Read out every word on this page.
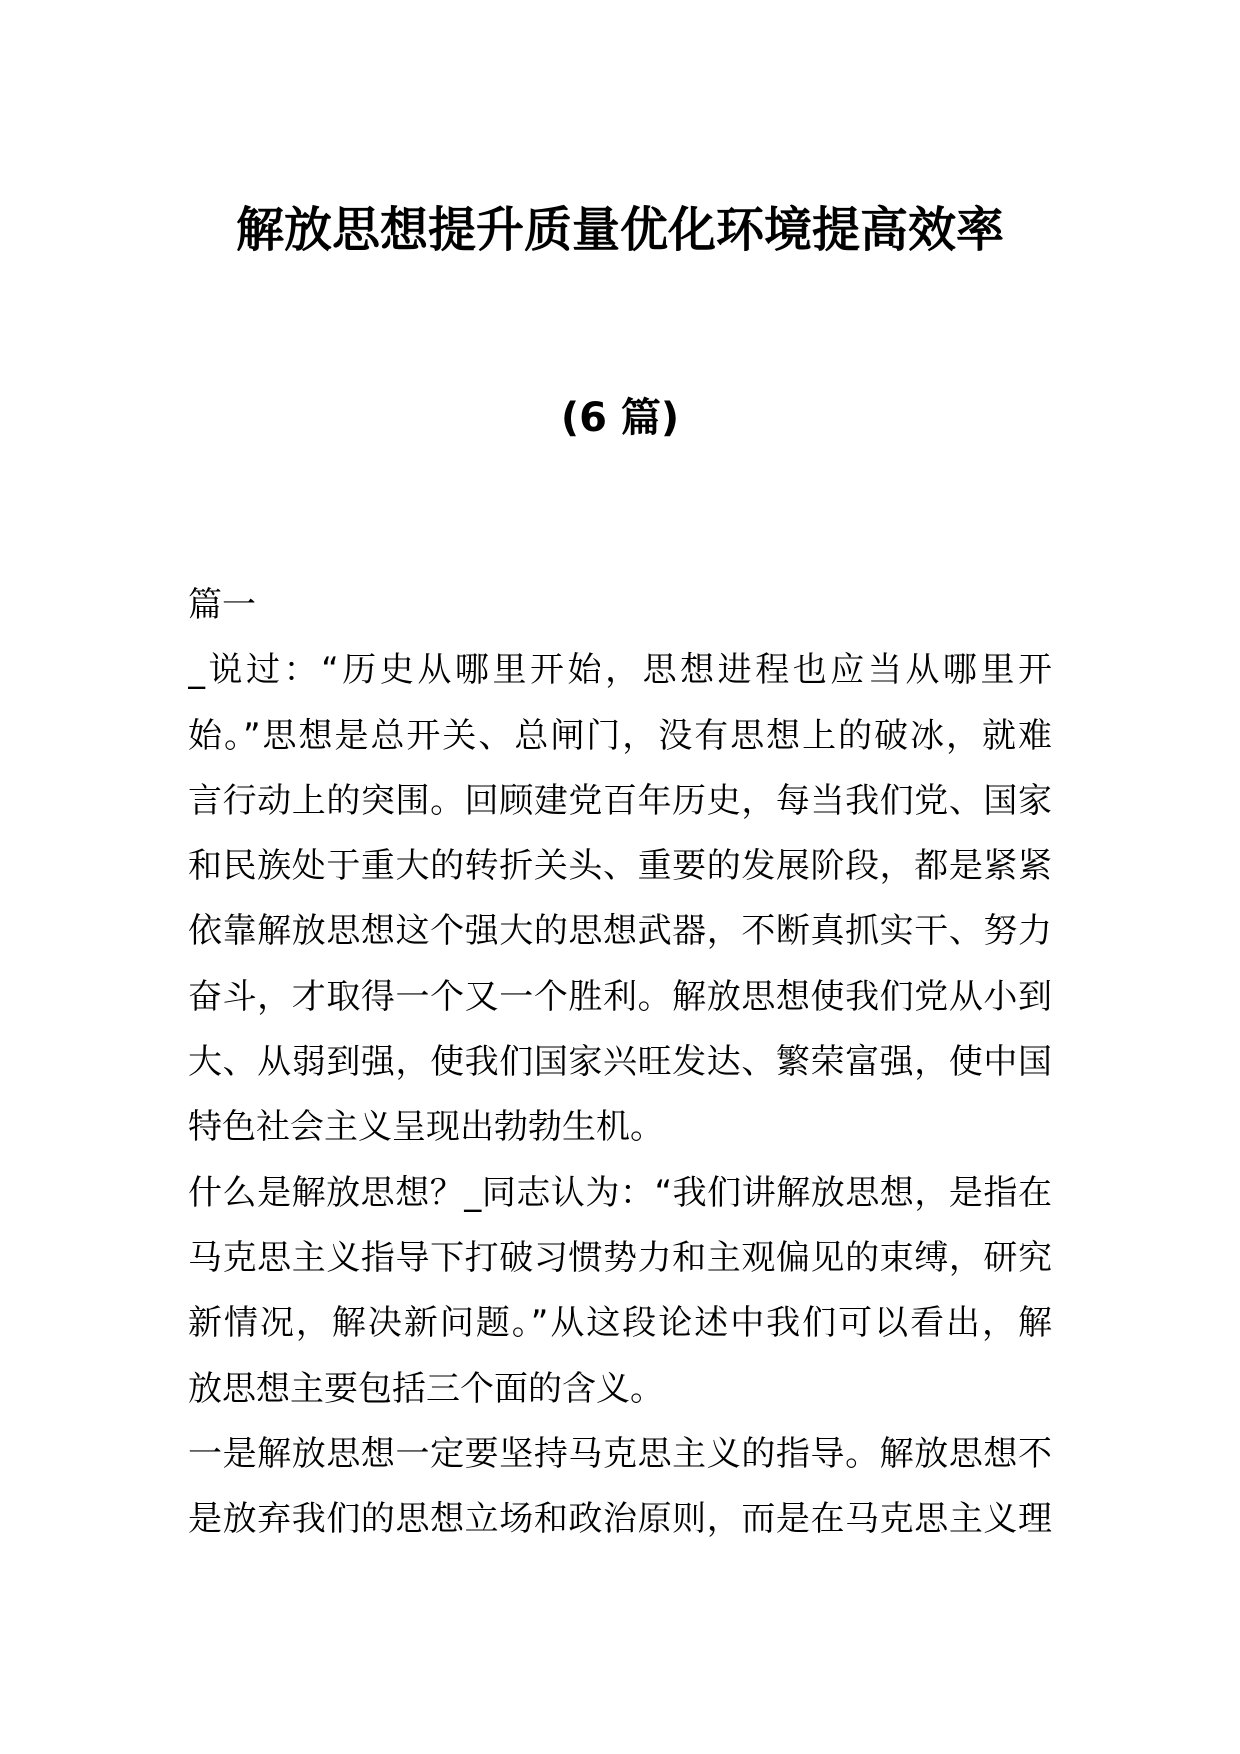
解放思想提升质量优化环境提高效率
(6 篇)
篇一
_说过：“历史从哪里开始，思想进程也应当从哪里开
始。”思想是总开关、总闸门，没有思想上的破冰，就难
言行动上的突围。回顾建党百年历史，每当我们党、国家
和民族处于重大的转折关头、重要的发展阶段，都是紧紧
依靠解放思想这个强大的思想武器，不断真抓实干、努力
奋斗，才取得一个又一个胜利。解放思想使我们党从小到
大、从弱到强，使我们国家兴旺发达、繁荣富强，使中国
特色社会主义呈现出勃勃生机。
什么是解放思想？_同志认为：“我们讲解放思想，是指在
马克思主义指导下打破习惯势力和主观偏见的束缚，研究
新情况，解决新问题。”从这段论述中我们可以看出，解
放思想主要包括三个面的含义。
一是解放思想一定要坚持马克思主义的指导。解放思想不
是放弃我们的思想立场和政治原则，而是在马克思主义理
